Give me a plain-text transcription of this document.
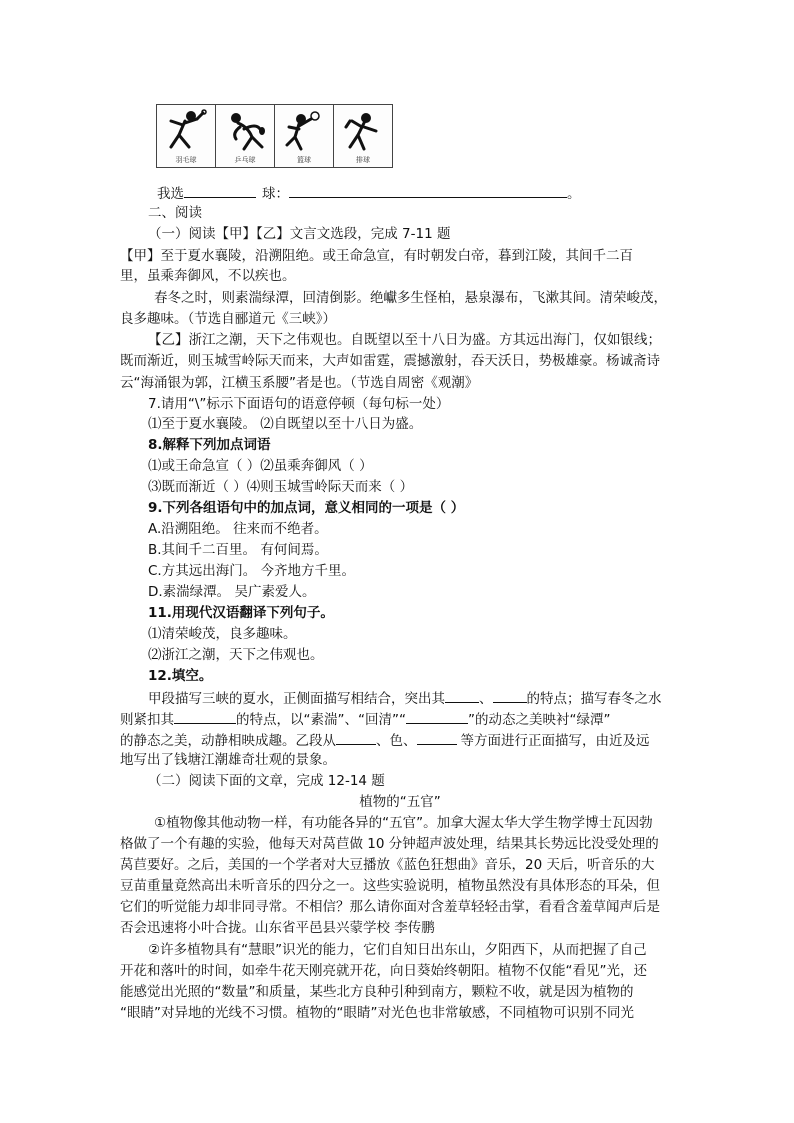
羽毛球	乒乓球	篮球	排球
我选	球：	。
二、阅读
（一）阅读【甲】【乙】文言文选段，完成 7-11 题
【甲】至于夏水襄陵，沿溯阻绝。或王命急宣，有时朝发白帝，暮到江陵，其间千二百
里，虽乘奔御风，不以疾也。
春冬之时，则素湍绿潭，回清倒影。绝巘多生怪柏，悬泉瀑布，飞漱其间。清荣峻茂，
良多趣味。（节选自郦道元《三峡》）
【乙】浙江之潮，天下之伟观也。自既望以至十八日为盛。方其远出海门，仅如银线；
既而渐近，则玉城雪岭际天而来，大声如雷霆，震撼激射，吞天沃日，势极雄豪。杨诚斋诗
云“海涌银为郭，江横玉系腰”者是也。（节选自周密《观潮》
7.请用“\”标示下面语句的语意停顿（每句标一处）
⑴至于夏水襄陵。 ⑵自既望以至十八日为盛。
8.解释下列加点词语
⑴或王命急宣（ ）⑵虽乘奔御风（ ）
⑶既而渐近（ ）⑷则玉城雪岭际天而来（ ）
9.下列各组语句中的加点词，意义相同的一项是（ ）
A.沿溯阻绝。 往来而不绝者。
B.其间千二百里。 有何间焉。
C.方其远出海门。 今齐地方千里。
D.素湍绿潭。 吴广素爱人。
11.用现代汉语翻译下列句子。
⑴清荣峻茂，良多趣味。
⑵浙江之潮，天下之伟观也。
12.填空。
甲段描写三峡的夏水，正侧面描写相结合，突出其	、	的特点；描写春冬之水
则紧扣其	的特点，以“素湍”、“回清”“	”的动态之美映衬“绿潭”
的静态之美，动静相映成趣。乙段从	、色、	等方面进行正面描写，由近及远
地写出了钱塘江潮雄奇壮观的景象。
（二）阅读下面的文章，完成 12-14 题
植物的“五官”
①植物像其他动物一样，有功能各异的“五官”。加拿大渥太华大学生物学博士瓦因勃
格做了一个有趣的实验，他每天对莴苣做 10 分钟超声波处理，结果其长势远比没受处理的
莴苣要好。之后，美国的一个学者对大豆播放《蓝色狂想曲》音乐，20 天后，听音乐的大
豆苗重量竟然高出未听音乐的四分之一。这些实验说明，植物虽然没有具体形态的耳朵，但
它们的听觉能力却非同寻常。不相信？那么请你面对含羞草轻轻击掌，看看含羞草闻声后是
否会迅速将小叶合拢。山东省平邑县兴蒙学校 李传鹏
②许多植物具有“慧眼”识光的能力，它们自知日出东山，夕阳西下，从而把握了自己
开花和落叶的时间，如牵牛花天刚亮就开花，向日葵始终朝阳。植物不仅能“看见”光，还
能感觉出光照的“数量”和质量，某些北方良种引种到南方，颗粒不收，就是因为植物的
“眼睛”对异地的光线不习惯。植物的“眼睛”对光色也非常敏感，不同植物可识别不同光
